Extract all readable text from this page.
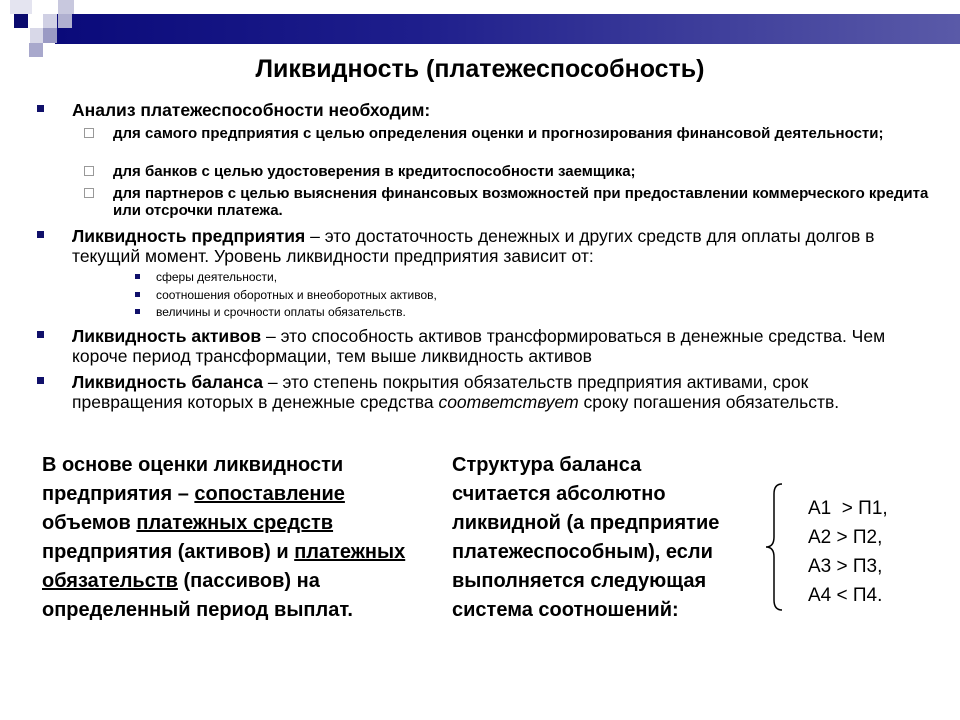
Ликвидность (платежеспособность)
Анализ платежеспособности необходим:
для самого предприятия с целью определения оценки и прогнозирования финансовой деятельности;
для банков с целью удостоверения в кредитоспособности заемщика;
для партнеров с целью выяснения финансовых возможностей при предоставлении коммерческого кредита или отсрочки платежа.
Ликвидность предприятия – это достаточность денежных и других средств для оплаты долгов в текущий момент. Уровень ликвидности предприятия зависит от:
сферы деятельности,
соотношения оборотных и внеоборотных активов,
величины и срочности оплаты обязательств.
Ликвидность активов – это способность активов трансформироваться в денежные средства. Чем короче период трансформации, тем выше ликвидность активов
Ликвидность баланса – это степень покрытия обязательств предприятия активами, срок превращения которых в денежные средства соответствует сроку погашения обязательств.
В основе оценки ликвидности предприятия – сопоставление объемов платежных средств предприятия (активов) и платежных обязательств (пассивов) на определенный период выплат.
Структура баланса считается абсолютно ликвидной (а предприятие платежеспособным), если выполняется следующая система соотношений:
А1  > П1,
А2 > П2,
А3 > П3,
А4 < П4.
